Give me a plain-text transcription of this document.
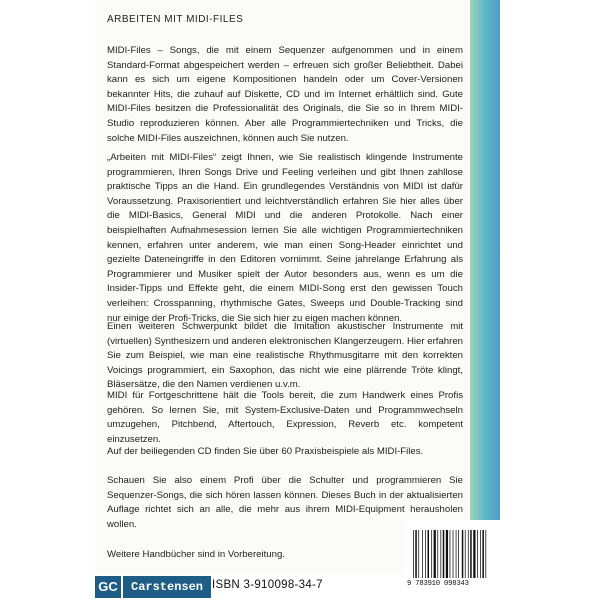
ARBEITEN MIT MIDI-FILES

MIDI-Files – Songs, die mit einem Sequenzer aufgenommen und in einem Standard-Format abgespeichert werden – erfreuen sich großer Beliebtheit. Dabei kann es sich um eigene Kompositionen handeln oder um Cover-Versionen bekannter Hits, die zuhauf auf Diskette, CD und im Internet erhältlich sind. Gute MIDI-Files besitzen die Professionalität des Originals, die Sie so in Ihrem MIDI-Studio reproduzieren können. Aber alle Programmiertechniken und Tricks, die solche MIDI-Files auszeichnen, können auch Sie nutzen.

„Arbeiten mit MIDI-Files“ zeigt Ihnen, wie Sie realistisch klingende Instrumente programmieren, Ihren Songs Drive und Feeling verleihen und gibt Ihnen zahllose praktische Tipps an die Hand. Ein grundlegendes Verständnis von MIDI ist dafür Voraussetzung. Praxisorientiert und leichtverständlich erfahren Sie hier alles über die MIDI-Basics, General MIDI und die anderen Protokolle. Nach einer beispielhaften Aufnahmesession lernen Sie alle wichtigen Programmiertechniken kennen, erfahren unter anderem, wie man einen Song-Header einrichtet und gezielte Dateneingriffe in den Editoren vornimmt. Seine jahrelange Erfahrung als Programmierer und Musiker spielt der Autor besonders aus, wenn es um die Insider-Tipps und Effekte geht, die einem MIDI-Song erst den gewissen Touch verleihen: Crosspanning, rhythmische Gates, Sweeps und Double-Tracking sind nur einige der Profi-Tricks, die Sie sich hier zu eigen machen können.

Einen weiteren Schwerpunkt bildet die Imitation akustischer Instrumente mit (virtuellen) Synthesizern und anderen elektronischen Klangerzeugern. Hier erfahren Sie zum Beispiel, wie man eine realistische Rhythmusgitarre mit den korrekten Voicings programmiert, ein Saxophon, das nicht wie eine plärrende Tröte klingt, Bläsersätze, die den Namen verdienen u.v.m.

MIDI für Fortgeschrittene hält die Tools bereit, die zum Handwerk eines Profis gehören. So lernen Sie, mit System-Exclusive-Daten und Programmwechseln umzugehen, Pitchbend, Aftertouch, Expression, Reverb etc. kompetent einzusetzen.

Auf der beiliegenden CD finden Sie über 60 Praxisbeispiele als MIDI-Files.

Schauen Sie also einem Profi über die Schulter und programmieren Sie Sequenzer-Songs, die sich hören lassen können. Dieses Buch in der aktualisierten Auflage richtet sich an alle, die mehr aus ihrem MIDI-Equipment herausholen wollen.

Weitere Handbücher sind in Vorbereitung.
GC	Carstensen ISBN 3-910098-34-7	9 783910 098343
